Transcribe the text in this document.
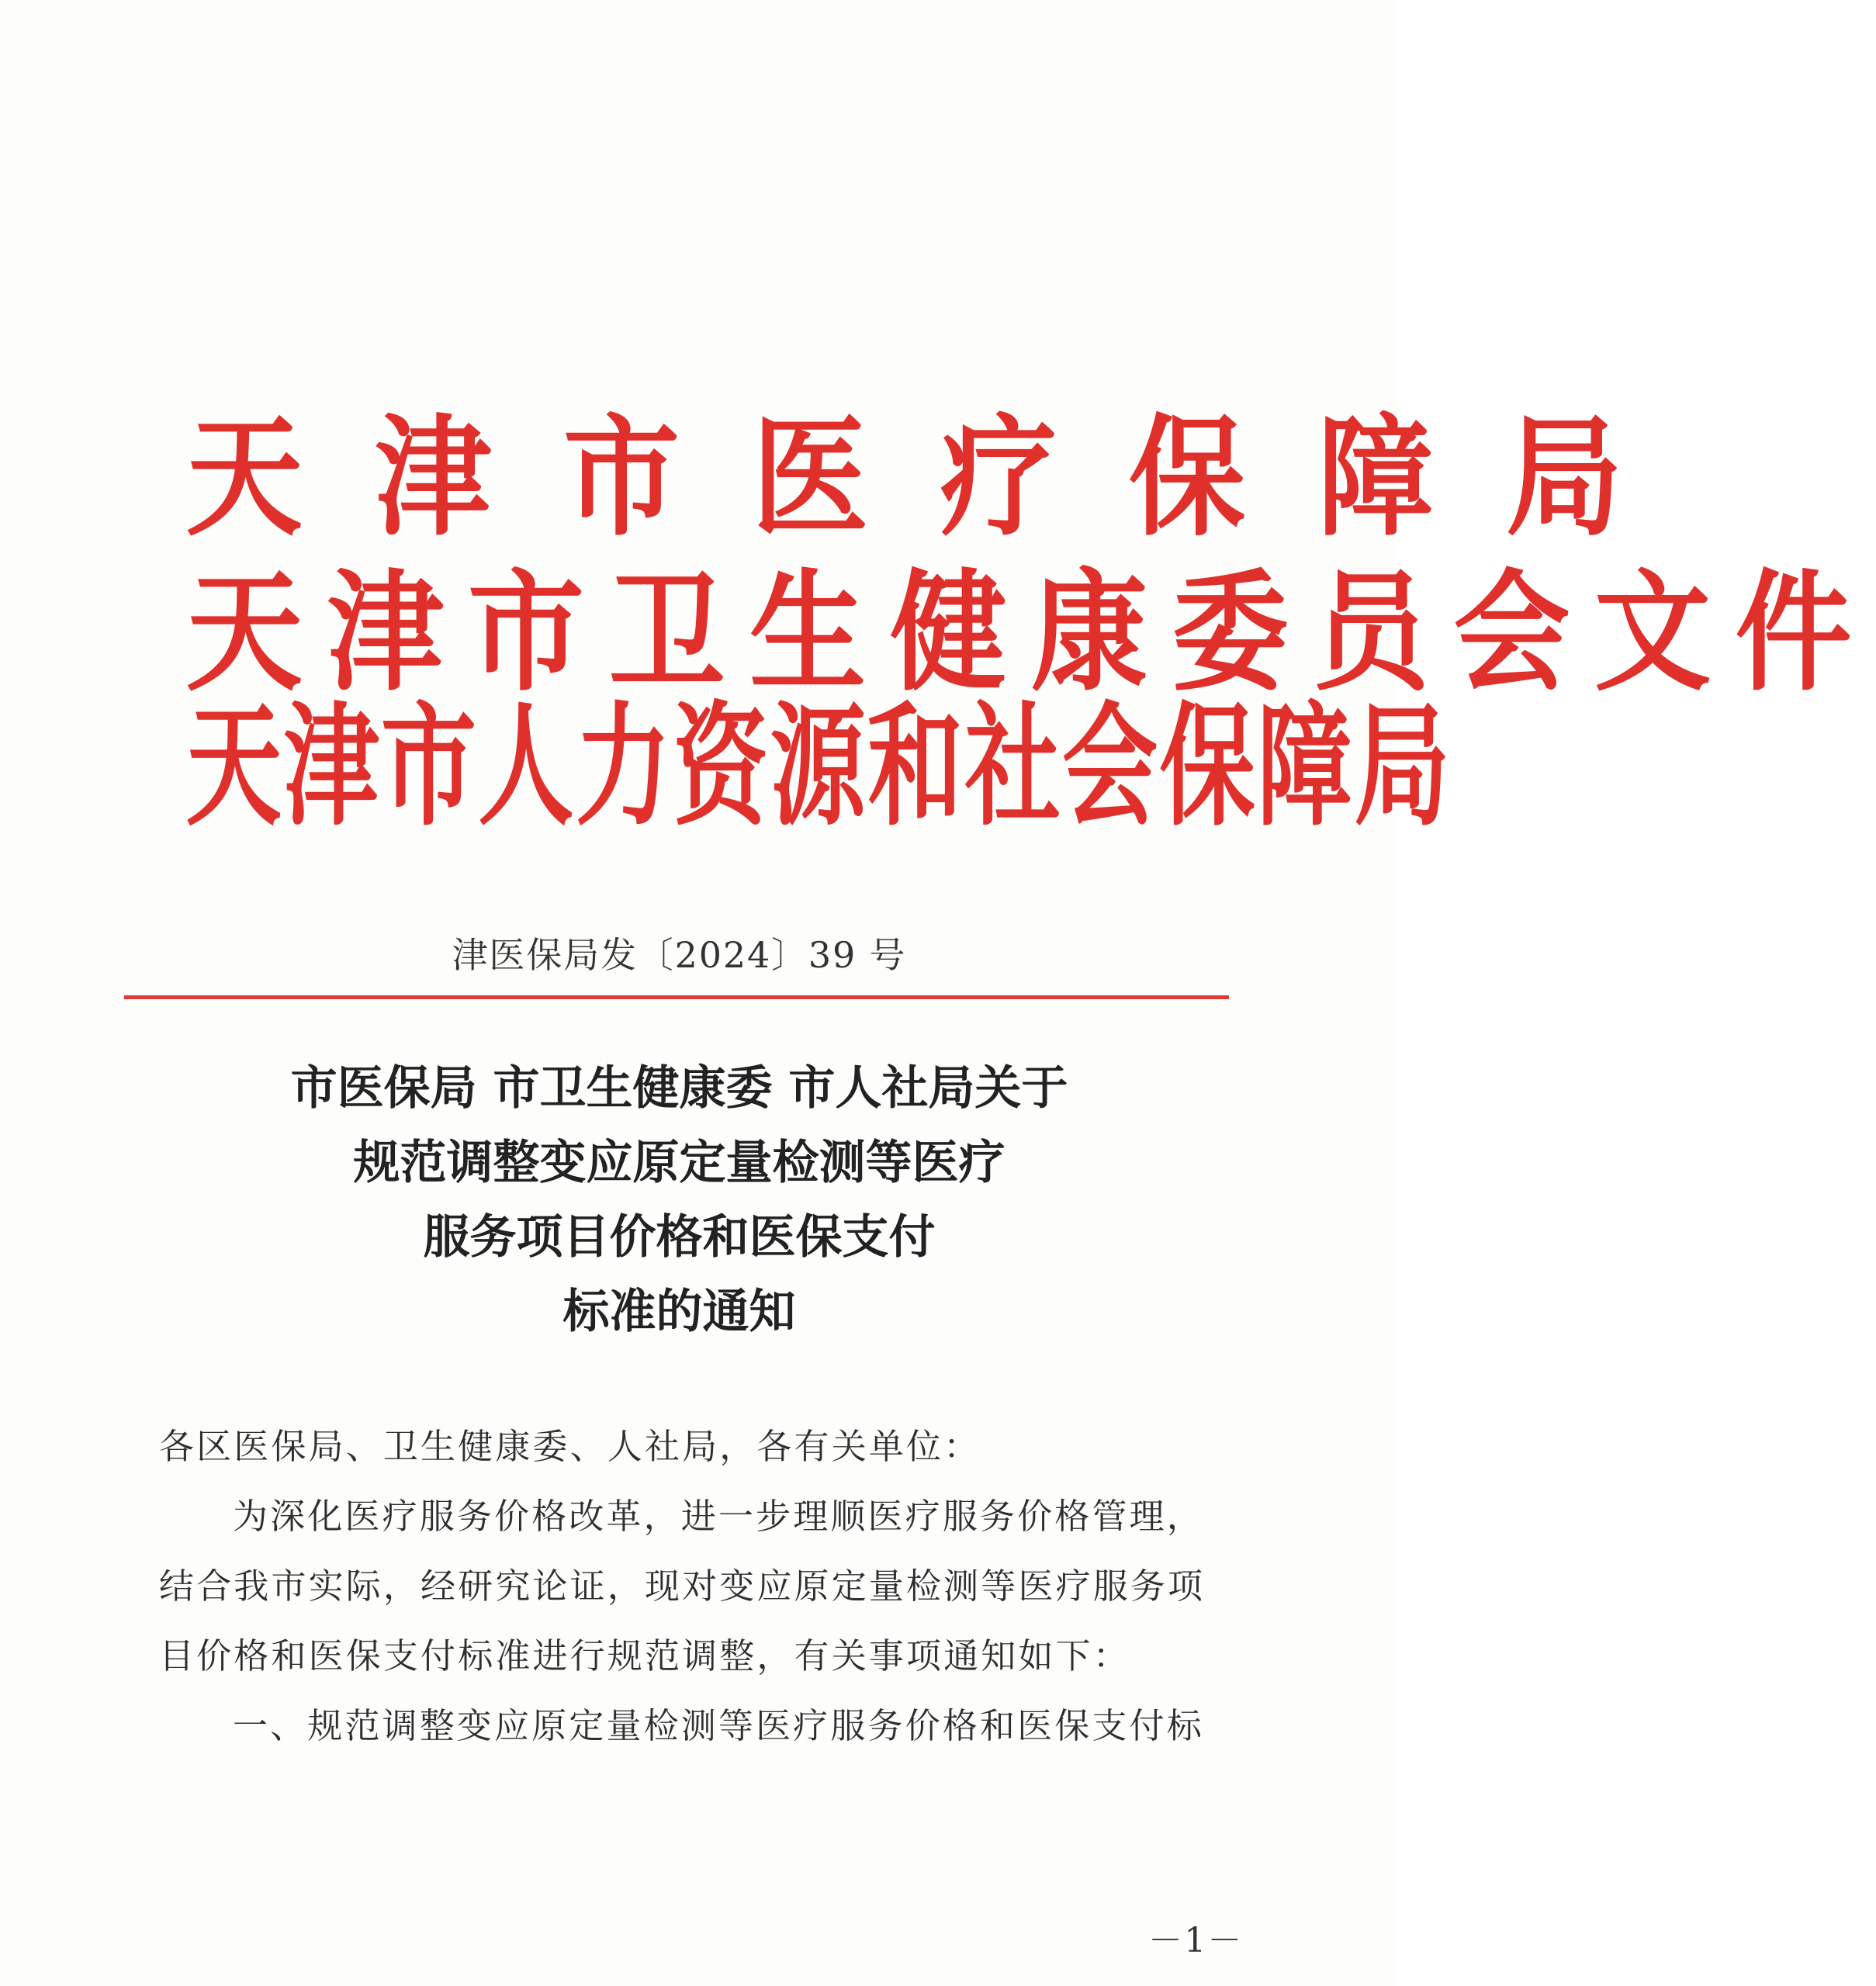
天津市医疗保障局
天津市卫生健康委员会文件
天津市人力资源和社会保障局
津医保局发〔2024〕39 号
市医保局 市卫生健康委 市人社局关于
规范调整变应原定量检测等医疗
服务项目价格和医保支付
标准的通知

各区医保局、卫生健康委、人社局，各有关单位：

为深化医疗服务价格改革，进一步理顺医疗服务价格管理，
结合我市实际，经研究论证，现对变应原定量检测等医疗服务项
目价格和医保支付标准进行规范调整，有关事项通知如下：

一、规范调整变应原定量检测等医疗服务价格和医保支付标

－1－
